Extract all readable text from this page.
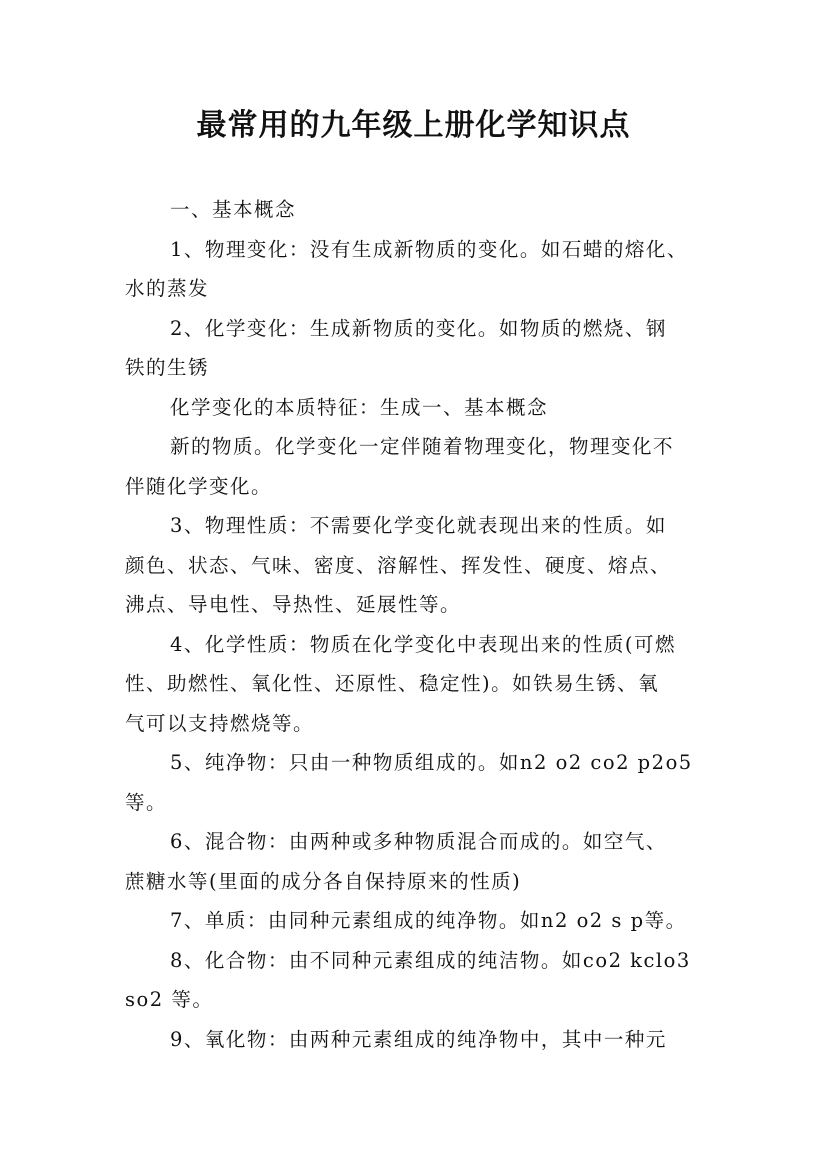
最常用的九年级上册化学知识点
一、基本概念
1、物理变化：没有生成新物质的变化。如石蜡的熔化、
水的蒸发
2、化学变化：生成新物质的变化。如物质的燃烧、钢
铁的生锈
化学变化的本质特征：生成一、基本概念
新的物质。化学变化一定伴随着物理变化，物理变化不
伴随化学变化。
3、物理性质：不需要化学变化就表现出来的性质。如
颜色、状态、气味、密度、溶解性、挥发性、硬度、熔点、
沸点、导电性、导热性、延展性等。
4、化学性质：物质在化学变化中表现出来的性质(可燃
性、助燃性、氧化性、还原性、稳定性)。如铁易生锈、氧
气可以支持燃烧等。
5、纯净物：只由一种物质组成的。如n2 o2 co2 p2o5
等。
6、混合物：由两种或多种物质混合而成的。如空气、
蔗糖水等(里面的成分各自保持原来的性质)
7、单质：由同种元素组成的纯净物。如n2 o2 s p等。
8、化合物：由不同种元素组成的纯洁物。如co2 kclo3
so2 等。
9、氧化物：由两种元素组成的纯净物中，其中一种元
